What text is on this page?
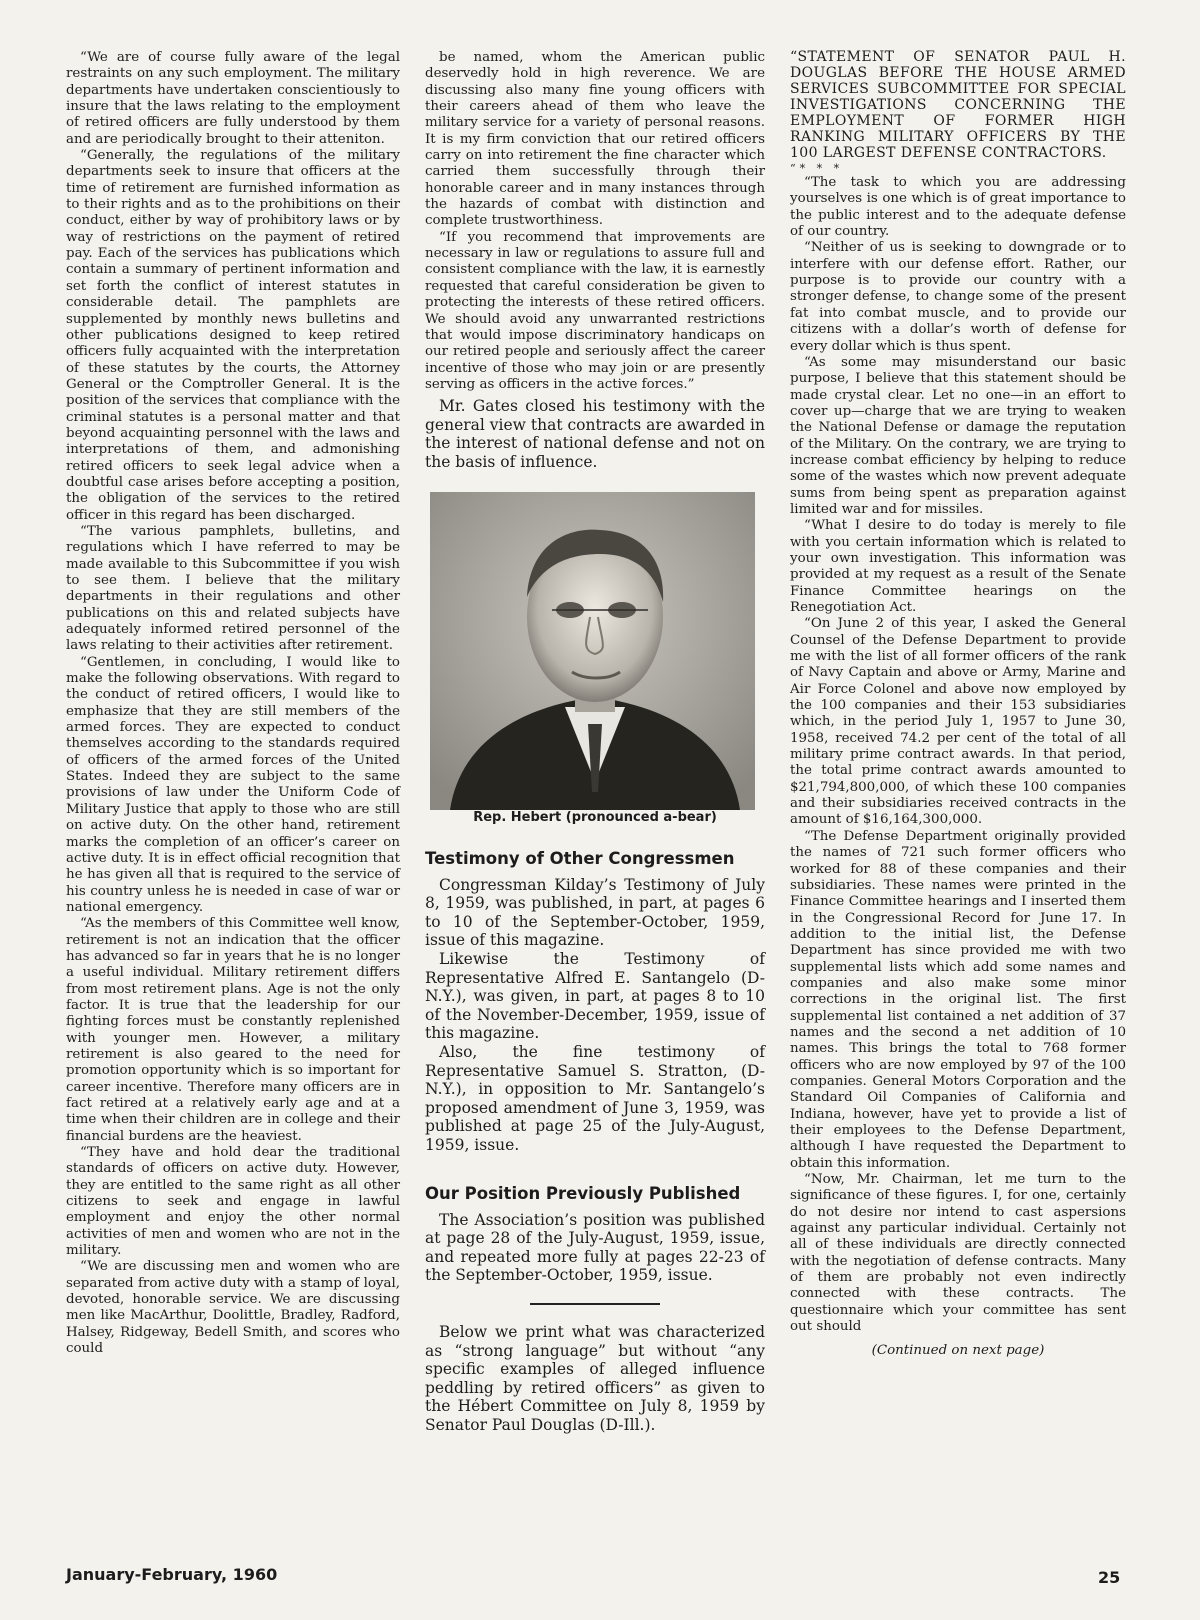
“We are of course fully aware of the legal restraints on any such employment. The military departments have undertaken conscientiously to insure that the laws relating to the employment of retired officers are fully understood by them and are periodically brought to their atteniton.

“Generally, the regulations of the military departments seek to insure that officers at the time of retirement are furnished information as to their rights and as to the prohibitions on their conduct, either by way of prohibitory laws or by way of restrictions on the payment of retired pay. Each of the services has publications which contain a summary of pertinent information and set forth the conflict of interest statutes in considerable detail. The pamphlets are supplemented by monthly news bulletins and other publications designed to keep retired officers fully acquainted with the interpretation of these statutes by the courts, the Attorney General or the Comptroller General. It is the position of the services that compliance with the criminal statutes is a personal matter and that beyond acquainting personnel with the laws and interpretations of them, and admonishing retired officers to seek legal advice when a doubtful case arises before accepting a position, the obligation of the services to the retired officer in this regard has been discharged.

“The various pamphlets, bulletins, and regulations which I have referred to may be made available to this Subcommittee if you wish to see them. I believe that the military departments in their regulations and other publications on this and related subjects have adequately informed retired personnel of the laws relating to their activities after retirement.

“Gentlemen, in concluding, I would like to make the following observations. With regard to the conduct of retired officers, I would like to emphasize that they are still members of the armed forces. They are expected to conduct themselves according to the standards required of officers of the armed forces of the United States. Indeed they are subject to the same provisions of law under the Uniform Code of Military Justice that apply to those who are still on active duty. On the other hand, retirement marks the completion of an officer’s career on active duty. It is in effect official recognition that he has given all that is required to the service of his country unless he is needed in case of war or national emergency.

“As the members of this Committee well know, retirement is not an indication that the officer has advanced so far in years that he is no longer a useful individual. Military retirement differs from most retirement plans. Age is not the only factor. It is true that the leadership for our fighting forces must be constantly replenished with younger men. However, a military retirement is also geared to the need for promotion opportunity which is so important for career incentive. Therefore many officers are in fact retired at a relatively early age and at a time when their children are in college and their financial burdens are the heaviest.

“They have and hold dear the traditional standards of officers on active duty. However, they are entitled to the same right as all other citizens to seek and engage in lawful employment and enjoy the other normal activities of men and women who are not in the military.

“We are discussing men and women who are separated from active duty with a stamp of loyal, devoted, honorable service. We are discussing men like MacArthur, Doolittle, Bradley, Radford, Halsey, Ridgeway, Bedell Smith, and scores who could

be named, whom the American public deservedly hold in high reverence. We are discussing also many fine young officers with their careers ahead of them who leave the military service for a variety of personal reasons. It is my firm conviction that our retired officers carry on into retirement the fine character which carried them successfully through their honorable career and in many instances through the hazards of combat with distinction and complete trustworthiness.

“If you recommend that improvements are necessary in law or regulations to assure full and consistent compliance with the law, it is earnestly requested that careful consideration be given to protecting the interests of these retired officers. We should avoid any unwarranted restrictions that would impose discriminatory handicaps on our retired people and seriously affect the career incentive of those who may join or are presently serving as officers in the active forces.”

Mr. Gates closed his testimony with the general view that contracts are awarded in the interest of national defense and not on the basis of influence.

Rep. Hebert (pronounced a-bear)

Testimony of Other Congressmen

Congressman Kilday’s Testimony of July 8, 1959, was published, in part, at pages 6 to 10 of the September-October, 1959, issue of this magazine.

Likewise the Testimony of Representative Alfred E. Santangelo (D-N.Y.), was given, in part, at pages 8 to 10 of the November-December, 1959, issue of this magazine.

Also, the fine testimony of Representative Samuel S. Stratton, (D-N.Y.), in opposition to Mr. Santangelo’s proposed amendment of June 3, 1959, was published at page 25 of the July-August, 1959, issue.

Our Position Previously Published

The Association’s position was published at page 28 of the July-August, 1959, issue, and repeated more fully at pages 22-23 of the September-October, 1959, issue.

Below we print what was characterized as “strong language” but without “any specific examples of alleged influence peddling by retired officers” as given to the Hébert Committee on July 8, 1959 by Senator Paul Douglas (D-Ill.).

“STATEMENT OF SENATOR PAUL H. DOUGLAS BEFORE THE HOUSE ARMED SERVICES SUBCOMMITTEE FOR SPECIAL INVESTIGATIONS CONCERNING THE EMPLOYMENT OF FORMER HIGH RANKING MILITARY OFFICERS BY THE 100 LARGEST DEFENSE CONTRACTORS.

“* * *

“The task to which you are addressing yourselves is one which is of great importance to the public interest and to the adequate defense of our country.

“Neither of us is seeking to downgrade or to interfere with our defense effort. Rather, our purpose is to provide our country with a stronger defense, to change some of the present fat into combat muscle, and to provide our citizens with a dollar’s worth of defense for every dollar which is thus spent.

“As some may misunderstand our basic purpose, I believe that this statement should be made crystal clear. Let no one—in an effort to cover up—charge that we are trying to weaken the National Defense or damage the reputation of the Military. On the contrary, we are trying to increase combat efficiency by helping to reduce some of the wastes which now prevent adequate sums from being spent as preparation against limited war and for missiles.

“What I desire to do today is merely to file with you certain information which is related to your own investigation. This information was provided at my request as a result of the Senate Finance Committee hearings on the Renegotiation Act.

“On June 2 of this year, I asked the General Counsel of the Defense Department to provide me with the list of all former officers of the rank of Navy Captain and above or Army, Marine and Air Force Colonel and above now employed by the 100 companies and their 153 subsidiaries which, in the period July 1, 1957 to June 30, 1958, received 74.2 per cent of the total of all military prime contract awards. In that period, the total prime contract awards amounted to $21,794,800,000, of which these 100 companies and their subsidiaries received contracts in the amount of $16,164,300,000.

“The Defense Department originally provided the names of 721 such former officers who worked for 88 of these companies and their subsidiaries. These names were printed in the Finance Committee hearings and I inserted them in the Congressional Record for June 17. In addition to the initial list, the Defense Department has since provided me with two supplemental lists which add some names and companies and also make some minor corrections in the original list. The first supplemental list contained a net addition of 37 names and the second a net addition of 10 names. This brings the total to 768 former officers who are now employed by 97 of the 100 companies. General Motors Corporation and the Standard Oil Companies of California and Indiana, however, have yet to provide a list of their employees to the Defense Department, although I have requested the Department to obtain this information.

“Now, Mr. Chairman, let me turn to the significance of these figures. I, for one, certainly do not desire nor intend to cast aspersions against any particular individual. Certainly not all of these individuals are directly connected with the negotiation of defense contracts. Many of them are probably not even indirectly connected with these contracts. The questionnaire which your committee has sent out should

(Continued on next page)

January-February, 1960	25
